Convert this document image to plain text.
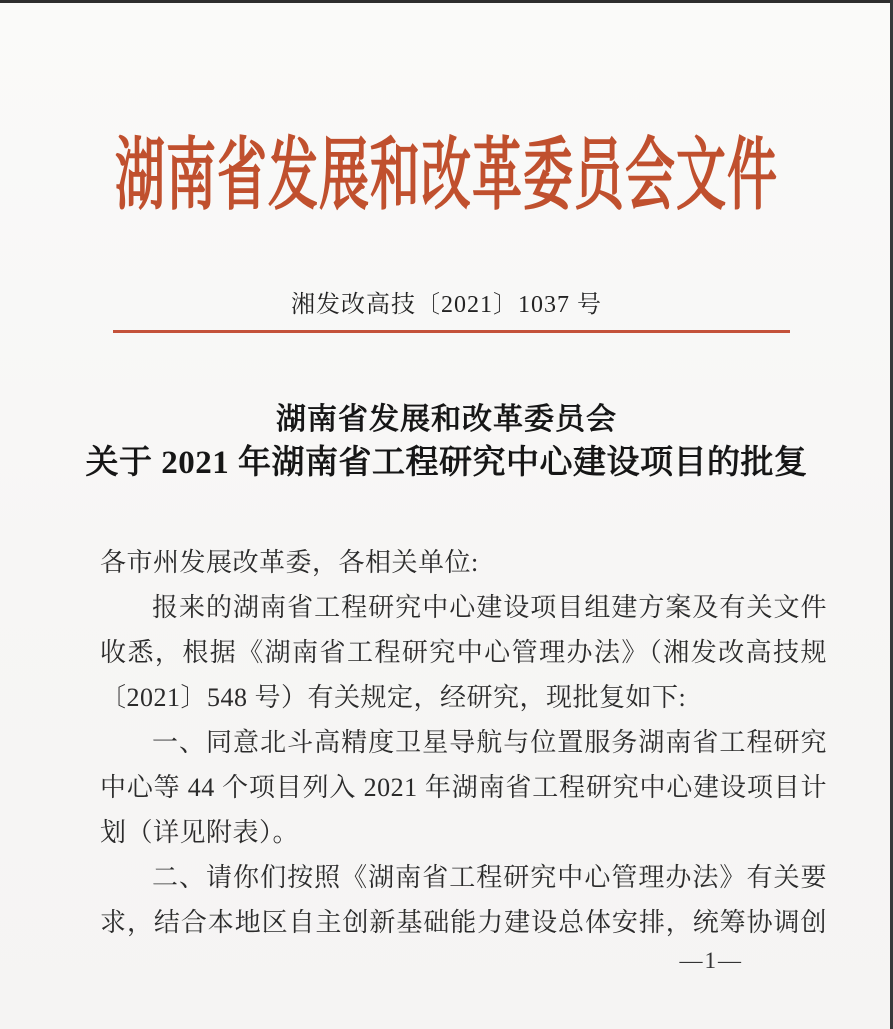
湖南省发展和改革委员会文件
湘发改高技〔2021〕1037 号
湖南省发展和改革委员会
关于 2021 年湖南省工程研究中心建设项目的批复
各市州发展改革委，各相关单位:
报来的湖南省工程研究中心建设项目组建方案及有关文件
收悉，根据《湖南省工程研究中心管理办法》（湘发改高技规
〔2021〕548 号）有关规定，经研究，现批复如下:
一、同意北斗高精度卫星导航与位置服务湖南省工程研究
中心等 44 个项目列入 2021 年湖南省工程研究中心建设项目计
划（详见附表）。
二、请你们按照《湖南省工程研究中心管理办法》有关要
求，结合本地区自主创新基础能力建设总体安排，统筹协调创
—1—
